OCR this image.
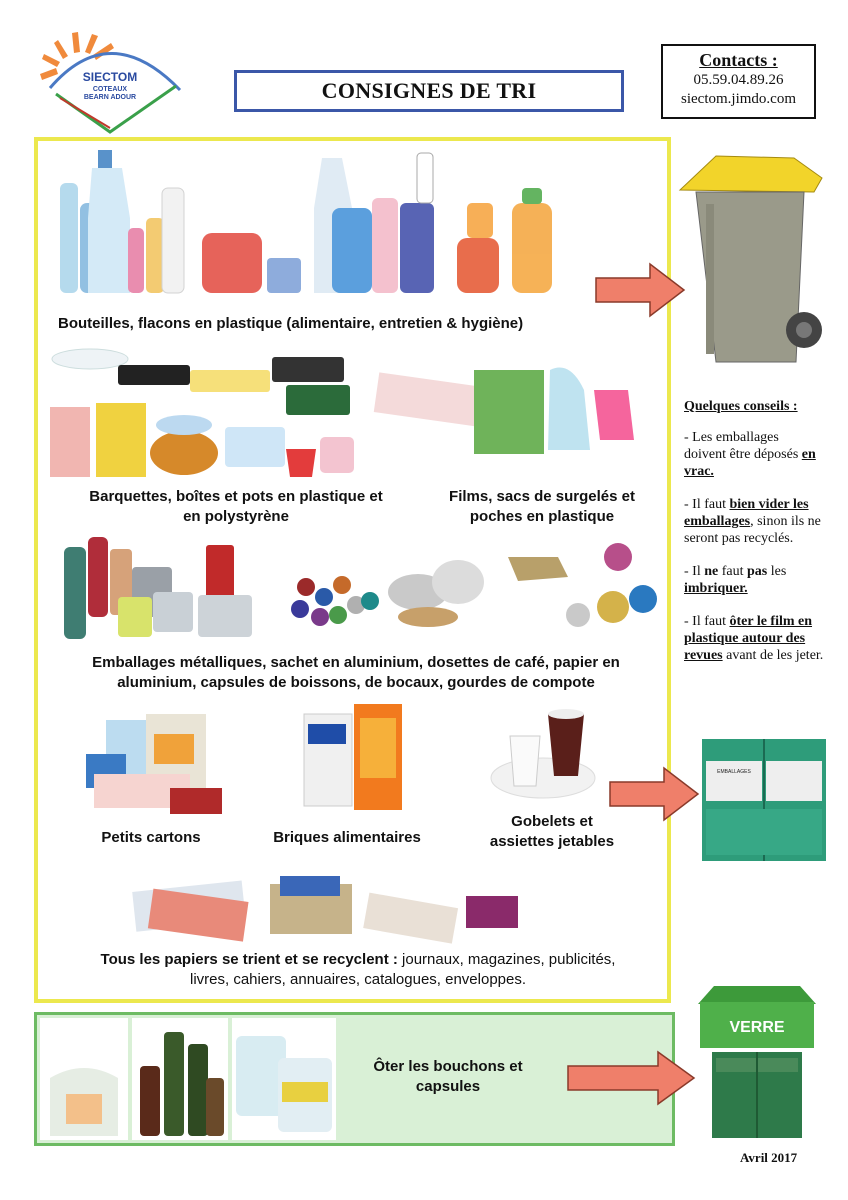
SIECTOM
COTEAUX
BEARN ADOUR	CONSIGNES DE TRI
Contacts :
05.59.04.89.26
siectom.jimdo.com
Bouteilles, flacons en plastique (alimentaire, entretien & hygiène)
Barquettes, boîtes et pots en plastique et
en polystyrène
Films, sacs de surgelés et
poches en plastique
Emballages métalliques, sachet en aluminium, dosettes de café, papier en
aluminium, capsules de boissons, de bocaux, gourdes de compote
Petits cartons	Briques alimentaires
Gobelets et
assiettes jetables
Tous les papiers se trient et se recyclent : journaux, magazines, publicités,
livres, cahiers, annuaires, catalogues, enveloppes.
Ôter les bouchons et
capsules
Quelques conseils :

- Les emballages doivent être déposés en vrac.

- Il faut bien vider les emballages, sinon ils ne seront pas recyclés.

- Il ne faut pas les imbriquer.

- Il faut ôter le film en plastique autour des revues avant de les jeter.

EMBALLAGES
VERRE
Avril 2017
